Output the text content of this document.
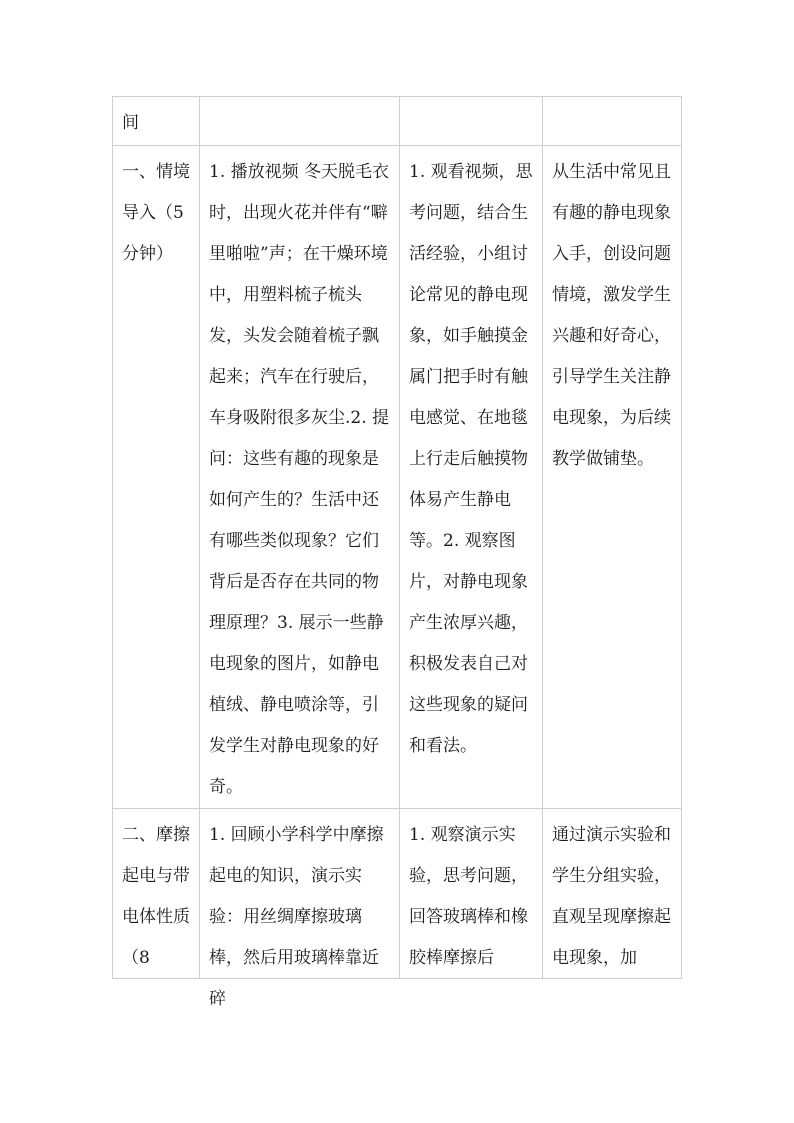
间			

一、情境导入（5分钟）	1. 播放视频 冬天脱毛衣时，出现火花并伴有“噼里啪啦”声；在干燥环境中，用塑料梳子梳头发，头发会随着梳子飘起来；汽车在行驶后，车身吸附很多灰尘.2. 提问：这些有趣的现象是如何产生的？生活中还有哪些类似现象？它们背后是否存在共同的物理原理？3. 展示一些静电现象的图片，如静电植绒、静电喷涂等，引发学生对静电现象的好奇。	1. 观看视频，思考问题，结合生活经验，小组讨论常见的静电现象，如手触摸金属门把手时有触电感觉、在地毯上行走后触摸物体易产生静电等。2. 观察图片，对静电现象产生浓厚兴趣，积极发表自己对这些现象的疑问和看法。	从生活中常见且有趣的静电现象入手，创设问题情境，激发学生兴趣和好奇心，引导学生关注静电现象，为后续教学做铺垫。

二、摩擦起电与带电体性质（8	1. 回顾小学科学中摩擦起电的知识，演示实验：用丝绸摩擦玻璃棒，然后用玻璃棒靠近碎	1. 观察演示实验，思考问题，回答玻璃棒和橡胶棒摩擦后	通过演示实验和学生分组实验，直观呈现摩擦起电现象，加
